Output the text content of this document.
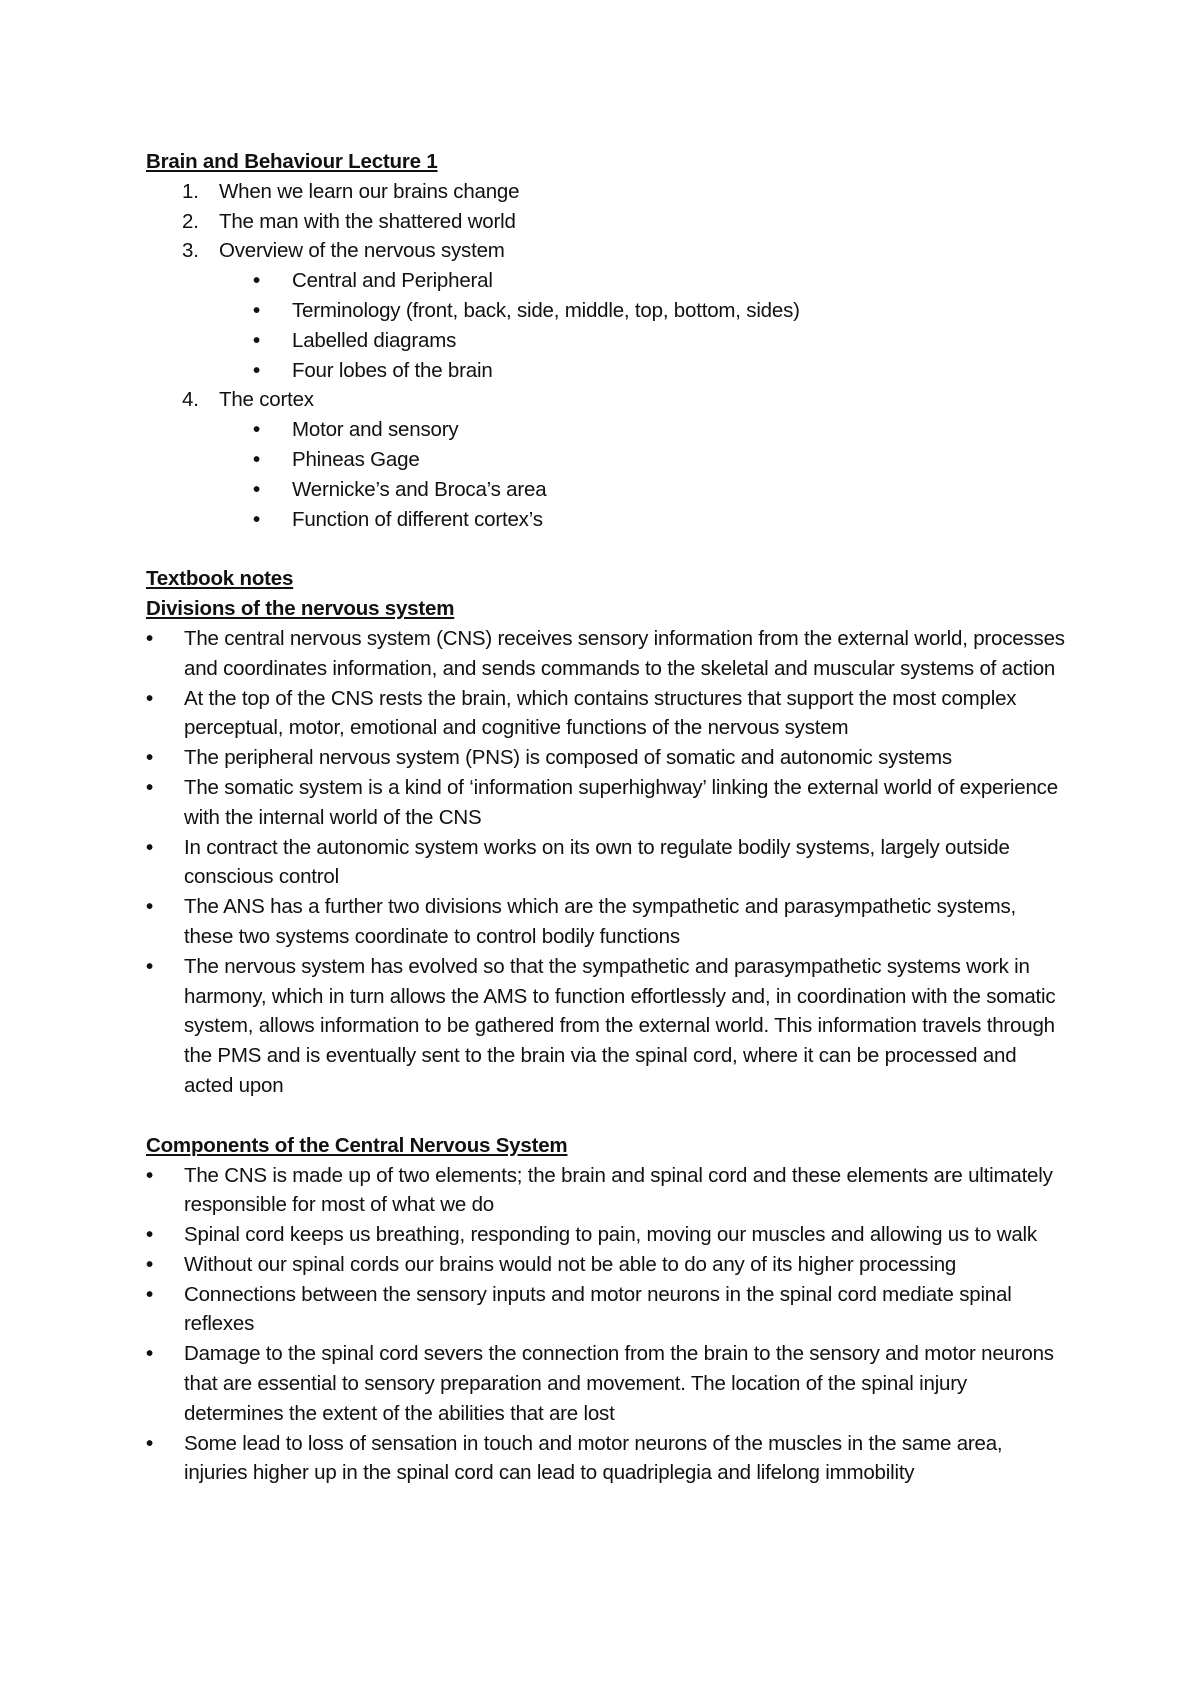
Brain and Behaviour Lecture 1
1. When we learn our brains change
2. The man with the shattered world
3. Overview of the nervous system
• Central and Peripheral
• Terminology (front, back, side, middle, top, bottom, sides)
• Labelled diagrams
• Four lobes of the brain
4. The cortex
• Motor and sensory
• Phineas Gage
• Wernicke’s and Broca’s area
• Function of different cortex’s
Textbook notes
Divisions of the nervous system
• The central nervous system (CNS) receives sensory information from the external world, processes and coordinates information, and sends commands to the skeletal and muscular systems of action
• At the top of the CNS rests the brain, which contains structures that support the most complex perceptual, motor, emotional and cognitive functions of the nervous system
• The peripheral nervous system (PNS) is composed of somatic and autonomic systems
• The somatic system is a kind of ‘information superhighway’ linking the external world of experience with the internal world of the CNS
• In contract the autonomic system works on its own to regulate bodily systems, largely outside conscious control
• The ANS has a further two divisions which are the sympathetic and parasympathetic systems, these two systems coordinate to control bodily functions
• The nervous system has evolved so that the sympathetic and parasympathetic systems work in harmony, which in turn allows the AMS to function effortlessly and, in coordination with the somatic system, allows information to be gathered from the external world. This information travels through the PMS and is eventually sent to the brain via the spinal cord, where it can be processed and acted upon
Components of the Central Nervous System
• The CNS is made up of two elements; the brain and spinal cord and these elements are ultimately responsible for most of what we do
• Spinal cord keeps us breathing, responding to pain, moving our muscles and allowing us to walk
• Without our spinal cords our brains would not be able to do any of its higher processing
• Connections between the sensory inputs and motor neurons in the spinal cord mediate spinal reflexes
• Damage to the spinal cord severs the connection from the brain to the sensory and motor neurons that are essential to sensory preparation and movement. The location of the spinal injury determines the extent of the abilities that are lost
• Some lead to loss of sensation in touch and motor neurons of the muscles in the same area, injuries higher up in the spinal cord can lead to quadriplegia and lifelong immobility
